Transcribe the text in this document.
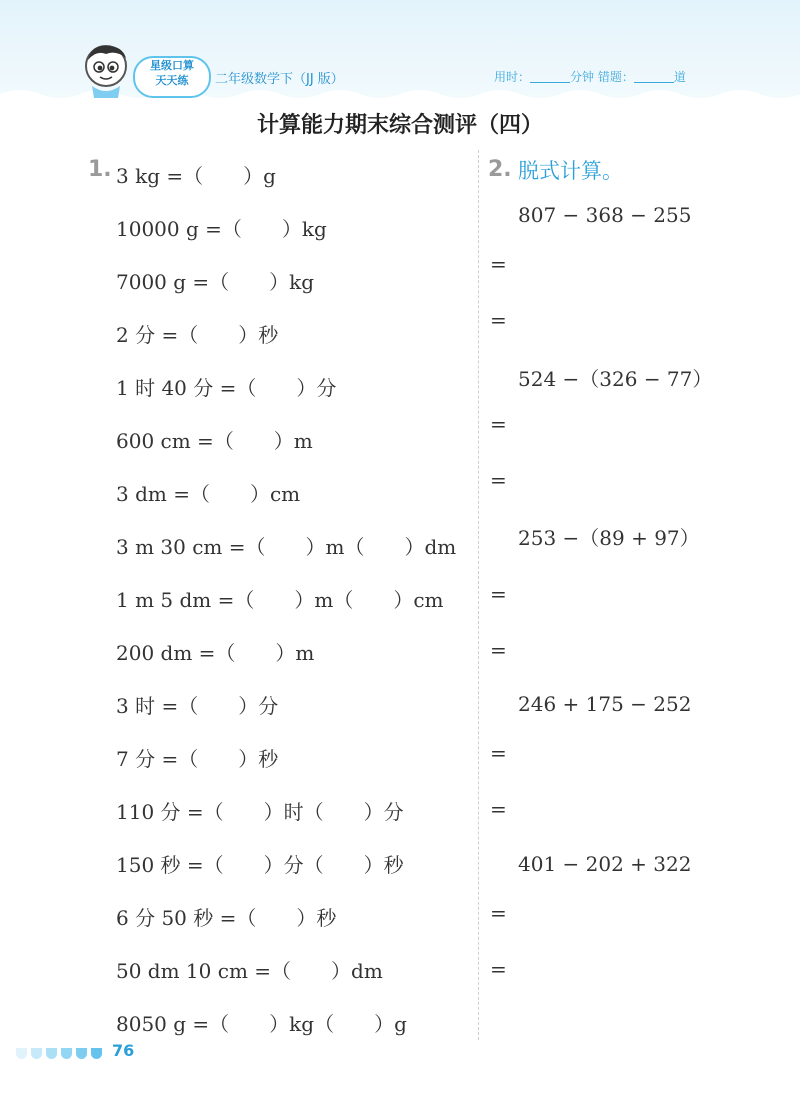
星级口算
天天练	二年级数学下（JJ 版）	用时：	分钟 错题：	道
计算能力期末综合测评（四）
1. 3 kg =（　　）g
10000 g =（　　）kg
7000 g =（　　）kg
2 分 =（　　）秒
1 时 40 分 =（　　）分
600 cm =（　　）m
3 dm =（　　）cm
3 m 30 cm =（　　）m（　　）dm
1 m 5 dm =（　　）m（　　）cm
200 dm =（　　）m
3 时 =（　　）分
7 分 =（　　）秒
110 分 =（　　）时（　　）分
150 秒 =（　　）分（　　）秒
6 分 50 秒 =（　　）秒
50 dm 10 cm =（　　）dm
8050 g =（　　）kg（　　）g
2. 脱式计算。
807 − 368 − 255
=
=
524 −（326 − 77）
=
=
253 −（89 + 97）
=
=
246 + 175 − 252
=
=
401 − 202 + 322
=
=
76
